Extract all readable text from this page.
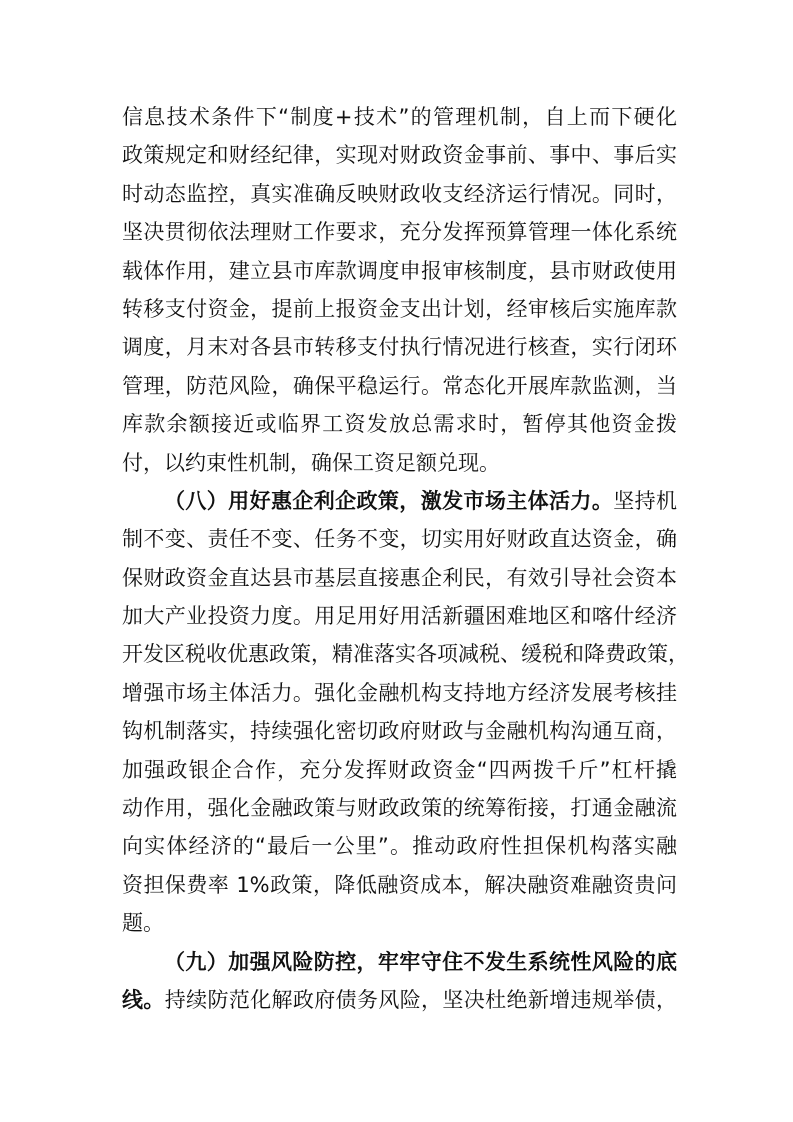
信息技术条件下“制度+技术”的管理机制，自上而下硬化
政策规定和财经纪律，实现对财政资金事前、事中、事后实
时动态监控，真实准确反映财政收支经济运行情况。同时，
坚决贯彻依法理财工作要求，充分发挥预算管理一体化系统
载体作用，建立县市库款调度申报审核制度，县市财政使用
转移支付资金，提前上报资金支出计划，经审核后实施库款
调度，月末对各县市转移支付执行情况进行核查，实行闭环
管理，防范风险，确保平稳运行。常态化开展库款监测，当
库款余额接近或临界工资发放总需求时，暂停其他资金拨
付，以约束性机制，确保工资足额兑现。
（八）用好惠企利企政策，激发市场主体活力。坚持机
制不变、责任不变、任务不变，切实用好财政直达资金，确
保财政资金直达县市基层直接惠企利民，有效引导社会资本
加大产业投资力度。用足用好用活新疆困难地区和喀什经济
开发区税收优惠政策，精准落实各项减税、缓税和降费政策，
增强市场主体活力。强化金融机构支持地方经济发展考核挂
钩机制落实，持续强化密切政府财政与金融机构沟通互商，
加强政银企合作，充分发挥财政资金“四两拨千斤”杠杆撬
动作用，强化金融政策与财政政策的统筹衔接，打通金融流
向实体经济的“最后一公里”。推动政府性担保机构落实融
资担保费率 1%政策，降低融资成本，解决融资难融资贵问
题。
（九）加强风险防控，牢牢守住不发生系统性风险的底
线。持续防范化解政府债务风险，坚决杜绝新增违规举债，
